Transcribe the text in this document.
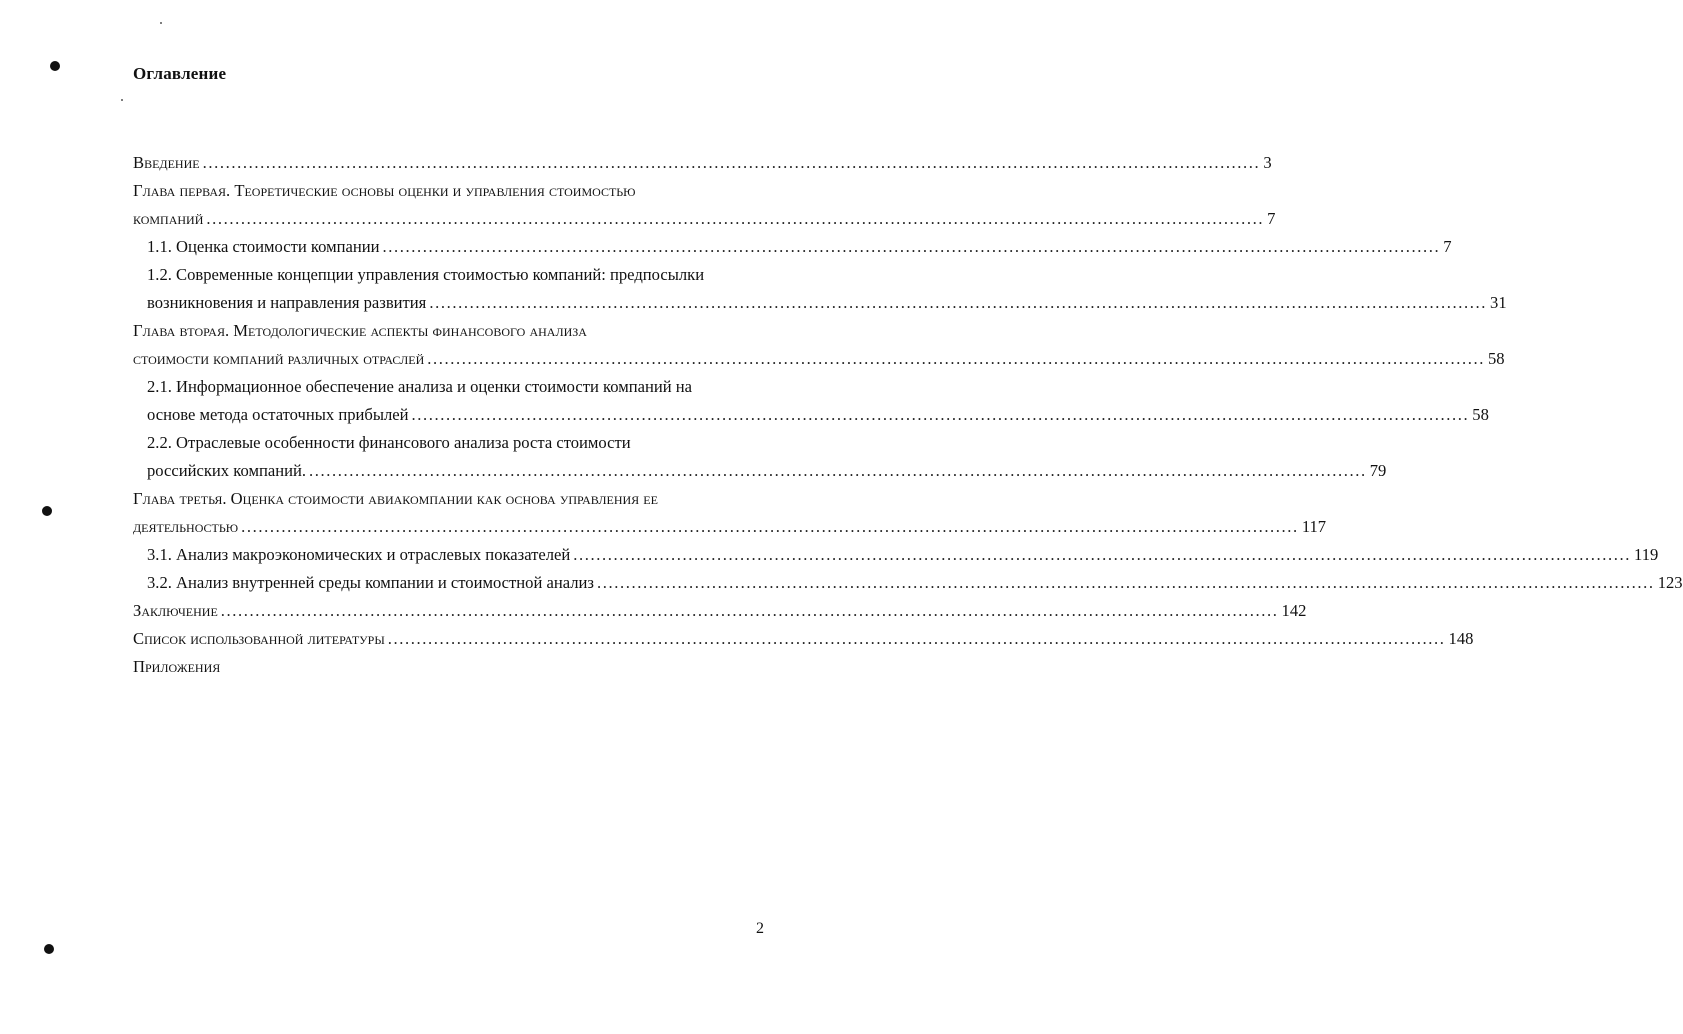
Оглавление
Введение ........................................................................................................................................................................................ 3
Глава первая. Теоретические основы оценки и управления стоимостью
компаний ........................................................................................................................................................................................ 7
1.1. Оценка стоимости компании ........................................................................................................................................................................................ 7
1.2. Современные концепции управления стоимостью компаний: предпосылки
возникновения и направления развития ........................................................................................................................................................................................ 31
Глава вторая. Методологические аспекты финансового анализа
стоимости компаний различных отраслей ........................................................................................................................................................................................ 58
2.1. Информационное обеспечение анализа и оценки стоимости компаний на
основе метода остаточных прибылей ........................................................................................................................................................................................ 58
2.2. Отраслевые особенности финансового анализа роста стоимости
российских компаний. ........................................................................................................................................................................................ 79
Глава третья. Оценка стоимости авиакомпании как основа управления ее
деятельностью ........................................................................................................................................................................................ 117
3.1. Анализ макроэкономических и отраслевых показателей ........................................................................................................................................................................................ 119
3.2. Анализ внутренней среды компании и стоимостной анализ ........................................................................................................................................................................................ 123
Заключение ........................................................................................................................................................................................ 142
Список использованной литературы ........................................................................................................................................................................................ 148
Приложения
2
